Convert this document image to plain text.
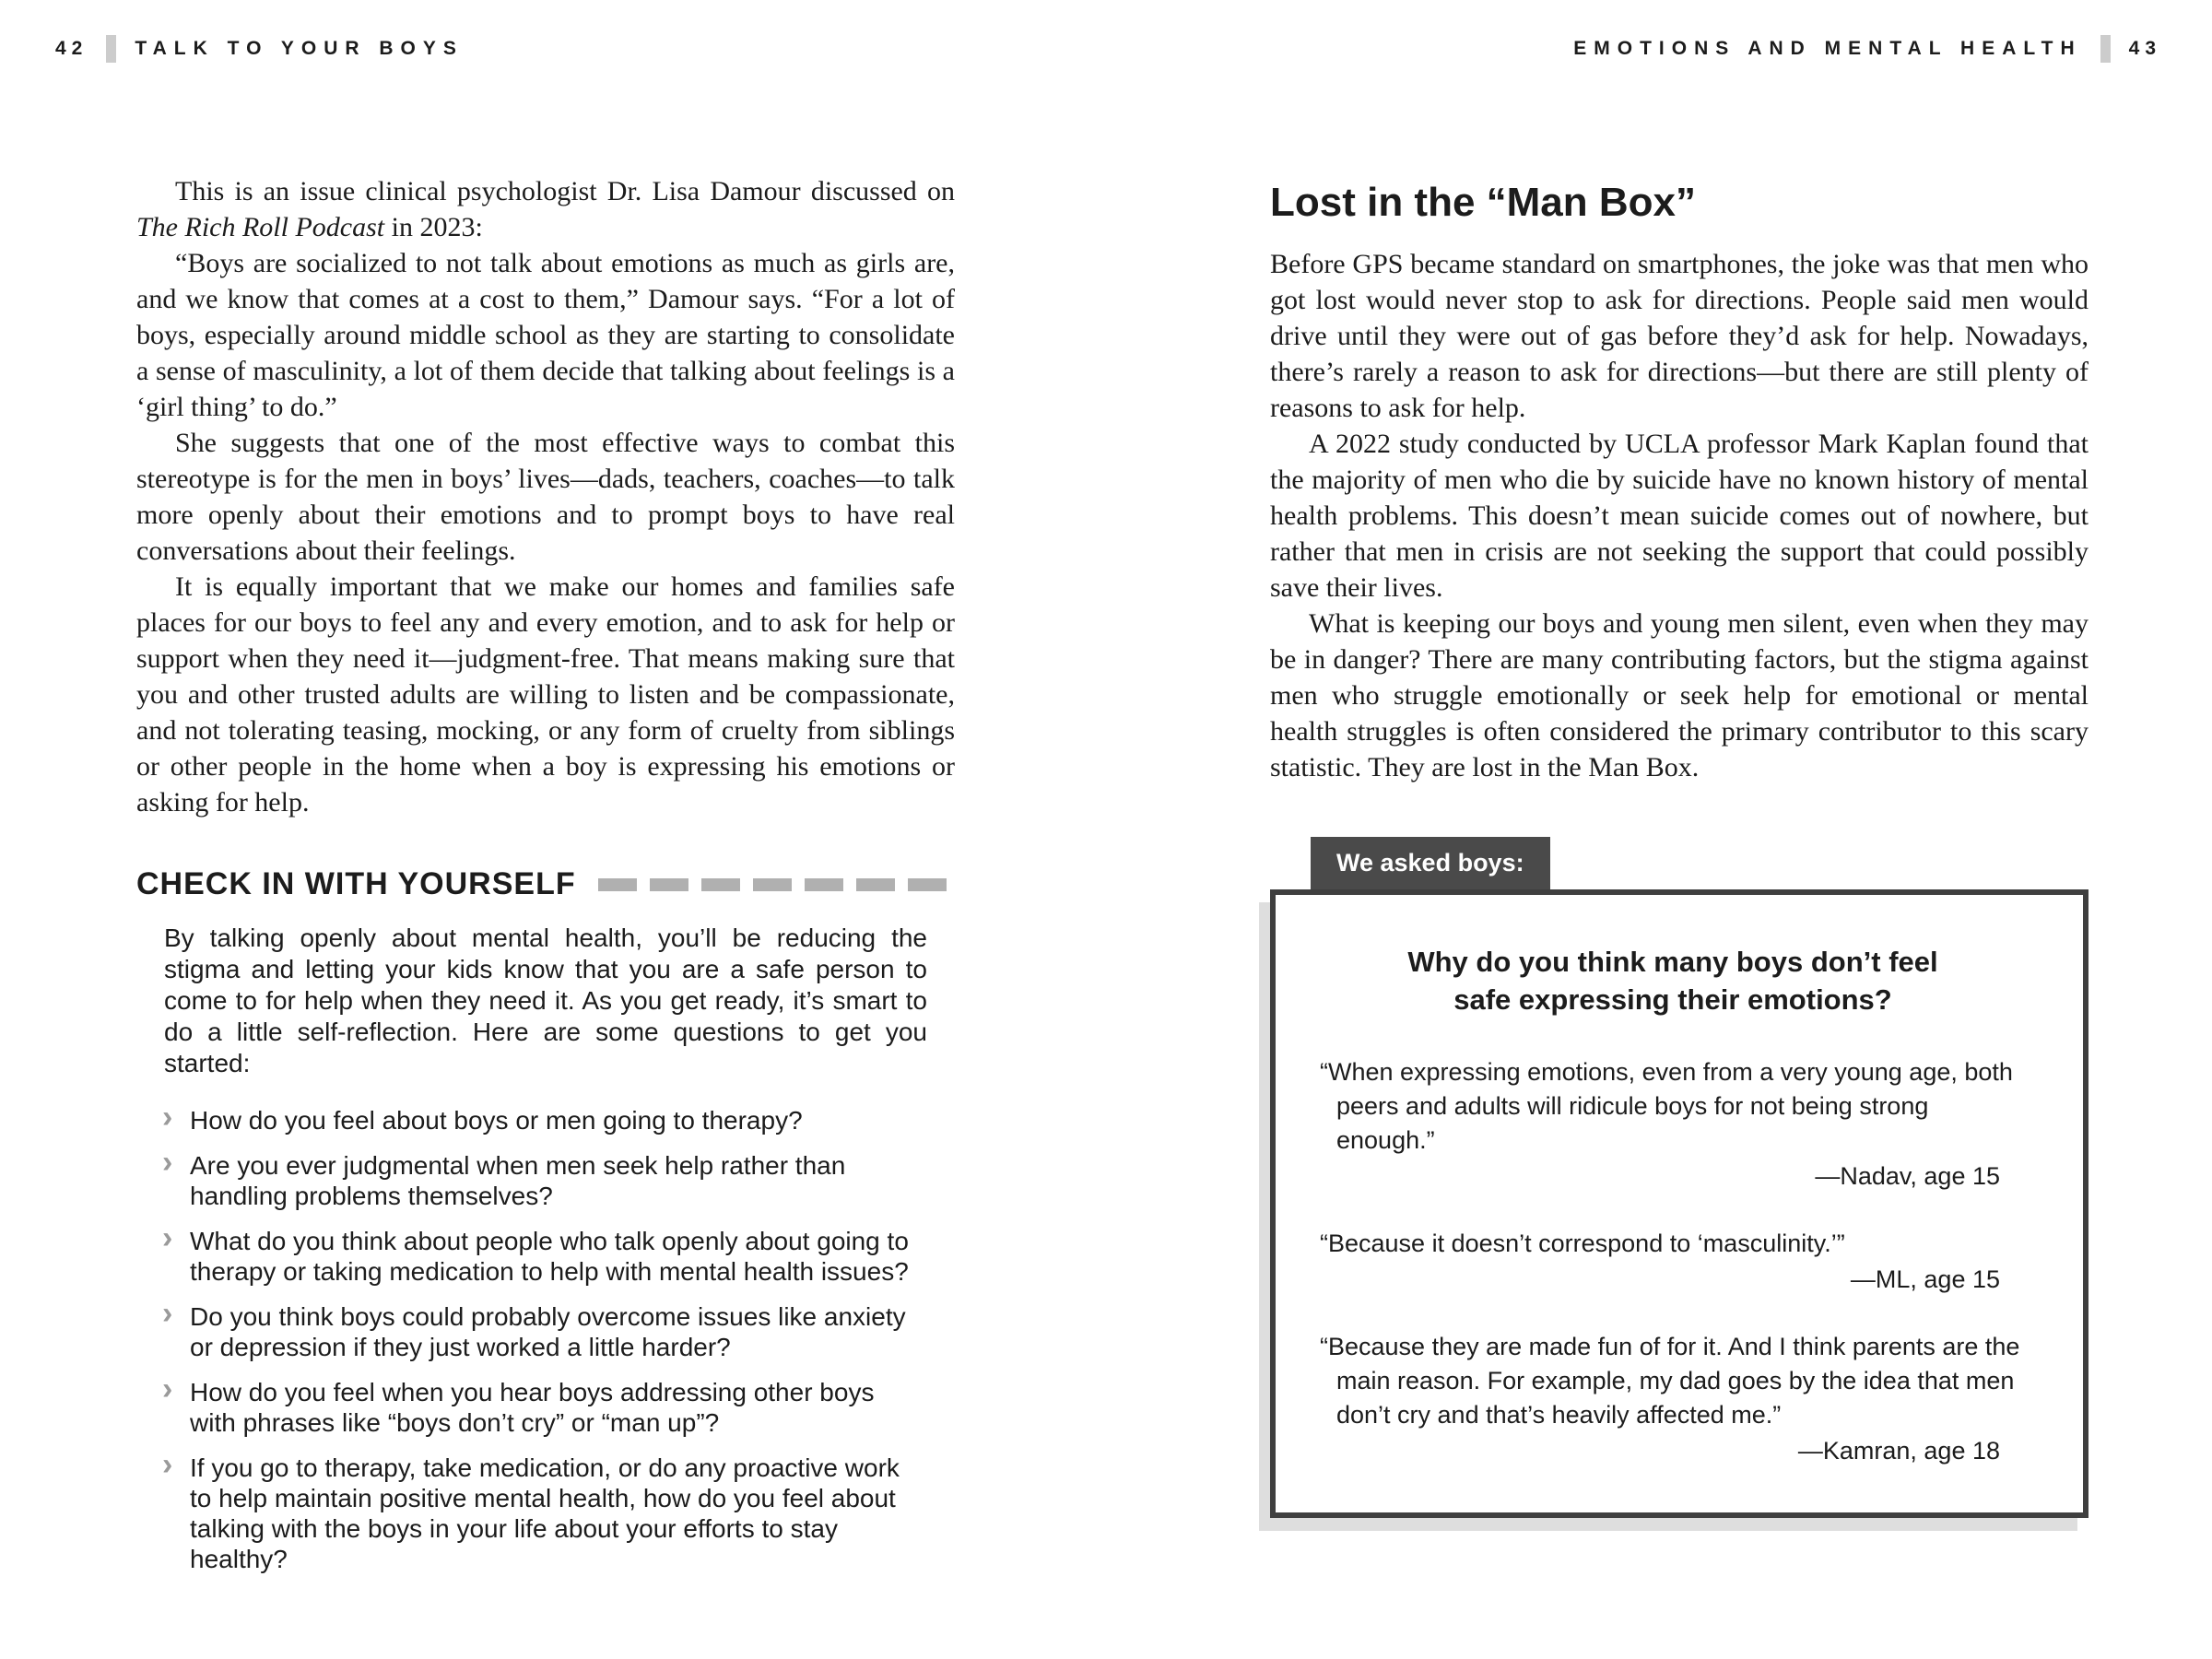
42 TALK TO YOUR BOYS	EMOTIONS AND MENTAL HEALTH 43

This is an issue clinical psychologist Dr. Lisa Damour discussed on The Rich Roll Podcast in 2023:

“Boys are socialized to not talk about emotions as much as girls are, and we know that comes at a cost to them,” Damour says. “For a lot of boys, especially around middle school as they are starting to consolidate a sense of masculinity, a lot of them decide that talking about feelings is a ‘girl thing’ to do.”

She suggests that one of the most effective ways to combat this stereotype is for the men in boys’ lives—dads, teachers, coaches—to talk more openly about their emotions and to prompt boys to have real conversations about their feelings.

It is equally important that we make our homes and families safe places for our boys to feel any and every emotion, and to ask for help or support when they need it—judgment-free. That means making sure that you and other trusted adults are willing to listen and be compassionate, and not tolerating teasing, mocking, or any form of cruelty from siblings or other people in the home when a boy is expressing his emotions or asking for help.

CHECK IN WITH YOURSELF

By talking openly about mental health, you’ll be reducing the stigma and letting your kids know that you are a safe person to come to for help when they need it. As you get ready, it’s smart to do a little self-reflection. Here are some questions to get you started:

› How do you feel about boys or men going to therapy?
› Are you ever judgmental when men seek help rather than handling problems themselves?
› What do you think about people who talk openly about going to therapy or taking medication to help with mental health issues?
› Do you think boys could probably overcome issues like anxiety or depression if they just worked a little harder?
› How do you feel when you hear boys addressing other boys with phrases like “boys don’t cry” or “man up”?
› If you go to therapy, take medication, or do any proactive work to help maintain positive mental health, how do you feel about talking with the boys in your life about your efforts to stay healthy?
Lost in the “Man Box”

Before GPS became standard on smartphones, the joke was that men who got lost would never stop to ask for directions. People said men would drive until they were out of gas before they’d ask for help. Nowadays, there’s rarely a reason to ask for directions—but there are still plenty of reasons to ask for help.

A 2022 study conducted by UCLA professor Mark Kaplan found that the majority of men who die by suicide have no known history of mental health problems. This doesn’t mean suicide comes out of nowhere, but rather that men in crisis are not seeking the support that could possibly save their lives.

What is keeping our boys and young men silent, even when they may be in danger? There are many contributing factors, but the stigma against men who struggle emotionally or seek help for emotional or mental health struggles is often considered the primary contributor to this scary statistic. They are lost in the Man Box.

We asked boys:

Why do you think many boys don’t feel
safe expressing their emotions?

“When expressing emotions, even from a very young age, both peers and adults will ridicule boys for not being strong enough.”

—Nadav, age 15

“Because it doesn’t correspond to ‘masculinity.’”

—ML, age 15

“Because they are made fun of for it. And I think parents are the main reason. For example, my dad goes by the idea that men don’t cry and that’s heavily affected me.”

—Kamran, age 18
